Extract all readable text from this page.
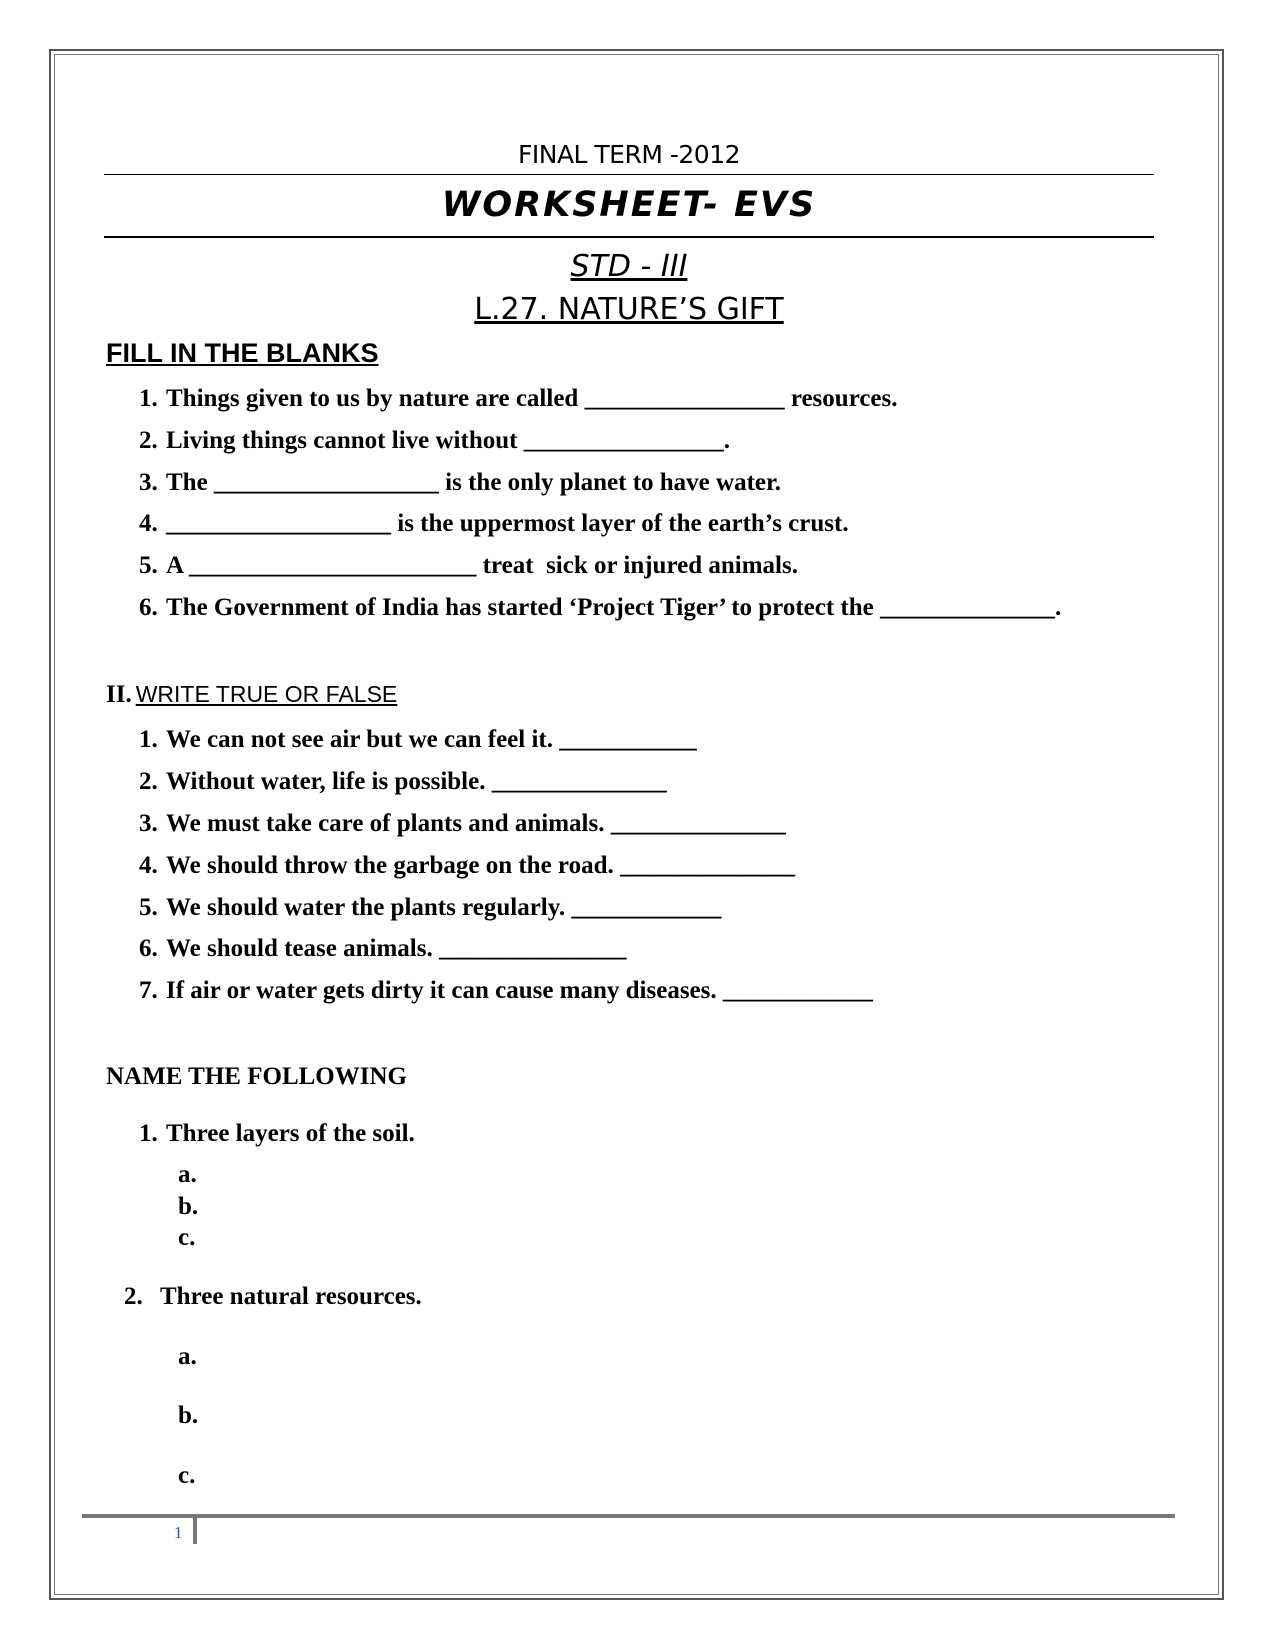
FINAL TERM -2012
WORKSHEET- EVS
STD - III
L.27. NATURE’S GIFT
FILL IN THE BLANKS
1. Things given to us by nature are called ________________ resources.
2. Living things cannot live without ________________.
3. The __________________ is the only planet to have water.
4. __________________ is the uppermost layer of the earth’s crust.
5. A _______________________ treat  sick or injured animals.
6. The Government of India has started ‘Project Tiger’ to protect the ______________.
II. WRITE TRUE OR FALSE
1. We can not see air but we can feel it. ___________
2. Without water, life is possible. ______________
3. We must take care of plants and animals. ______________
4. We should throw the garbage on the road. ______________
5. We should water the plants regularly. ____________
6. We should tease animals. _______________
7. If air or water gets dirty it can cause many diseases. ____________
NAME THE FOLLOWING
1. Three layers of the soil.
a.
b.
c.
2. Three natural resources.
a.
b.
c.
1
